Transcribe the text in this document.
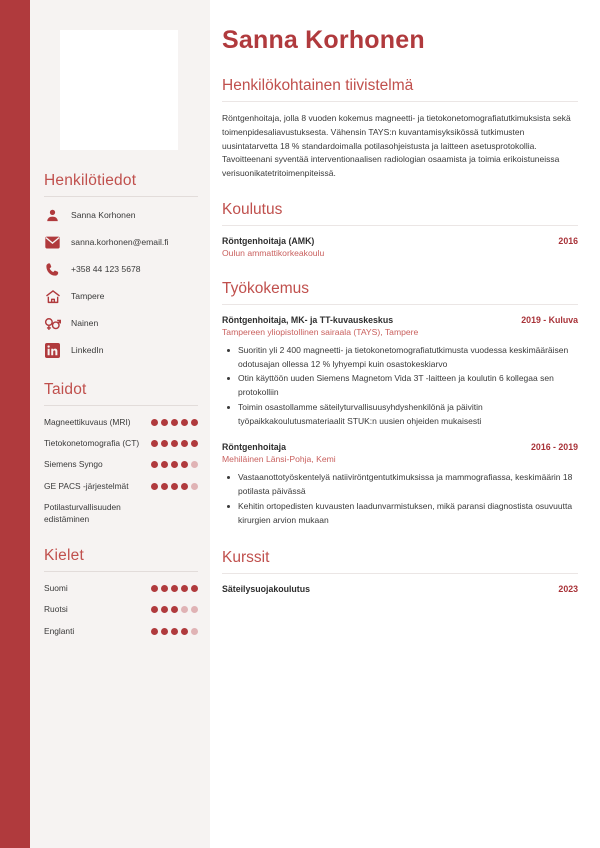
Henkilötiedot
Sanna Korhonen
sanna.korhonen@email.fi
+358 44 123 5678
Tampere
Nainen
LinkedIn
Taidot
Magneettikuvaus (MRI)
Tietokonetomografia (CT)
Siemens Syngo
GE PACS -järjestelmät
Potilasturvallisuuden edistäminen
Kielet
Suomi
Ruotsi
Englanti
Sanna Korhonen
Henkilökohtainen tiivistelmä

Röntgenhoitaja, jolla 8 vuoden kokemus magneetti- ja tietokonetomografiatutkimuksista sekä toimenpidesaliavustuksesta. Vähensin TAYS:n kuvantamisyksikössä tutkimusten uusintatarvetta 18 % standardoimalla potilasohjeistusta ja laitteen asetusprotokollia. Tavoitteenani syventää interventionaalisen radiologian osaamista ja toimia erikoistuneissa verisuonikatetritoimenpiteissä.

Koulutus
Röntgenhoitaja (AMK)	2016
Oulun ammattikorkeakoulu
Työkokemus
Röntgenhoitaja, MK- ja TT-kuvauskeskus	2019 - Kuluva
Tampereen yliopistollinen sairaala (TAYS), Tampere
Suoritin yli 2 400 magneetti- ja tietokonetomografiatutkimusta vuodessa keskimääräisen odotusajan ollessa 12 % lyhyempi kuin osastokeskiarvo
Otin käyttöön uuden Siemens Magnetom Vida 3T -laitteen ja koulutin 6 kollegaa sen protokolliin
Toimin osastollamme säteilyturvallisuusyhdyshenkilönä ja päivitin työpaikkakoulutusmateriaalit STUK:n uusien ohjeiden mukaisesti
Röntgenhoitaja	2016 - 2019
Mehiläinen Länsi-Pohja, Kemi
Vastaanottotyöskentelyä natiiviröntgentutkimuksissa ja mammografiassa, keskimäärin 18 potilasta päivässä
Kehitin ortopedisten kuvausten laadunvarmistuksen, mikä paransi diagnostista osuvuutta kirurgien arvion mukaan
Kurssit
Säteilysuojakoulutus	2023
